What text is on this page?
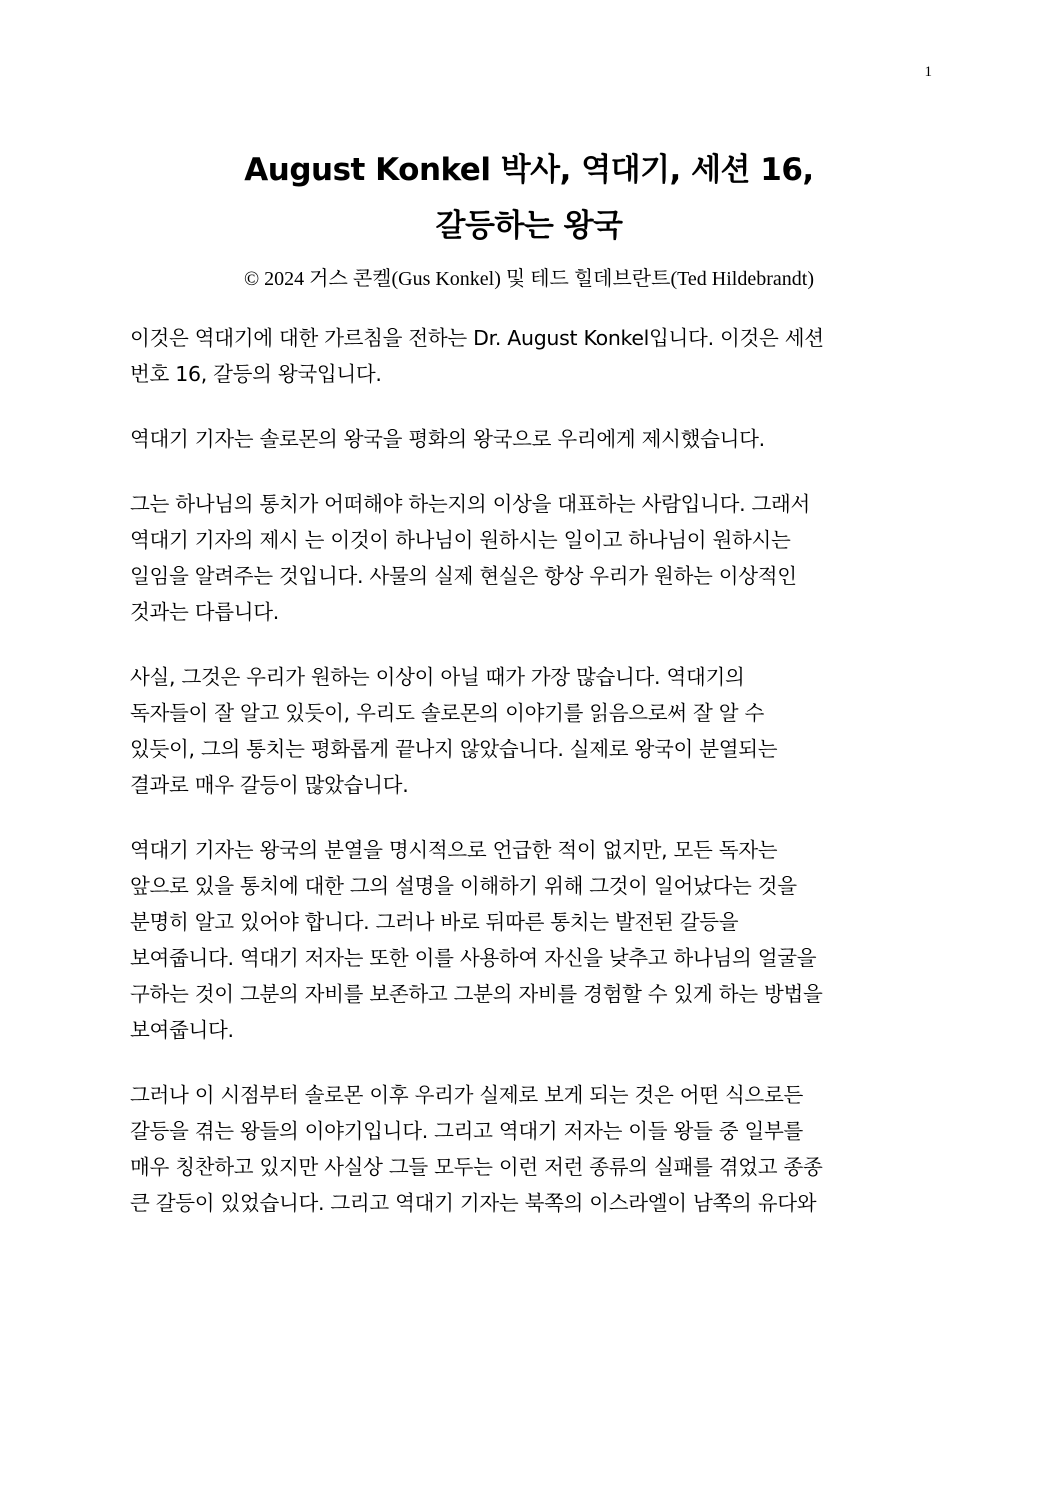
1
August Konkel 박사, 역대기, 세션 16,
갈등하는 왕국
© 2024 거스 콘켈(Gus Konkel) 및 테드 힐데브란트(Ted Hildebrandt)

이것은 역대기에 대한 가르침을 전하는 Dr. August Konkel입니다. 이것은 세션
번호 16, 갈등의 왕국입니다.

역대기 기자는 솔로몬의 왕국을 평화의 왕국으로 우리에게 제시했습니다.

그는 하나님의 통치가 어떠해야 하는지의 이상을 대표하는 사람입니다. 그래서
역대기 기자의 제시 는 이것이 하나님이 원하시는 일이고 하나님이 원하시는
일임을 알려주는 것입니다. 사물의 실제 현실은 항상 우리가 원하는 이상적인
것과는 다릅니다.

사실, 그것은 우리가 원하는 이상이 아닐 때가 가장 많습니다. 역대기의
독자들이 잘 알고 있듯이, 우리도 솔로몬의 이야기를 읽음으로써 잘 알 수
있듯이, 그의 통치는 평화롭게 끝나지 않았습니다. 실제로 왕국이 분열되는
결과로 매우 갈등이 많았습니다.

역대기 기자는 왕국의 분열을 명시적으로 언급한 적이 없지만, 모든 독자는
앞으로 있을 통치에 대한 그의 설명을 이해하기 위해 그것이 일어났다는 것을
분명히 알고 있어야 합니다. 그러나 바로 뒤따른 통치는 발전된 갈등을
보여줍니다. 역대기 저자는 또한 이를 사용하여 자신을 낮추고 하나님의 얼굴을
구하는 것이 그분의 자비를 보존하고 그분의 자비를 경험할 수 있게 하는 방법을
보여줍니다.

그러나 이 시점부터 솔로몬 이후 우리가 실제로 보게 되는 것은 어떤 식으로든
갈등을 겪는 왕들의 이야기입니다. 그리고 역대기 저자는 이들 왕들 중 일부를
매우 칭찬하고 있지만 사실상 그들 모두는 이런 저런 종류의 실패를 겪었고 종종
큰 갈등이 있었습니다. 그리고 역대기 기자는 북쪽의 이스라엘이 남쪽의 유다와
